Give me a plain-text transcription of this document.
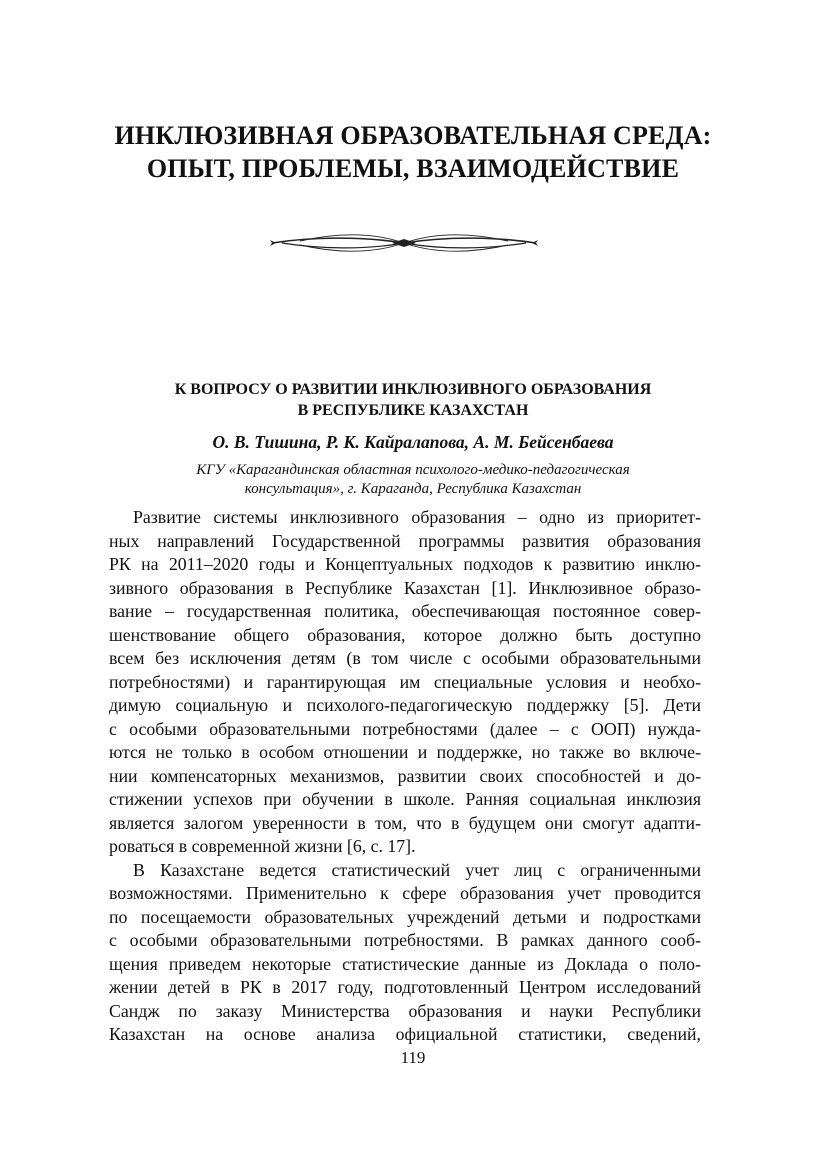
ИНКЛЮЗИВНАЯ ОБРАЗОВАТЕЛЬНАЯ СРЕДА:
ОПЫТ, ПРОБЛЕМЫ, ВЗАИМОДЕЙСТВИЕ
К ВОПРОСУ О РАЗВИТИИ ИНКЛЮЗИВНОГО ОБРАЗОВАНИЯ
В РЕСПУБЛИКЕ КАЗАХСТАН
О. В. Тишина, Р. К. Кайралапова, А. М. Бейсенбаева
КГУ «Карагандинская областная психолого-медико-педагогическая
консультация», г. Караганда, Республика Казахстан
Развитие системы инклюзивного образования – одно из приоритет-
ных направлений Государственной программы развития образования
РК на 2011–2020 годы и Концептуальных подходов к развитию инклю-
зивного образования в Республике Казахстан [1]. Инклюзивное образо-
вание – государственная политика, обеспечивающая постоянное совер-
шенствование общего образования, которое должно быть доступно
всем без исключения детям (в том числе с особыми образовательными
потребностями) и гарантирующая им специальные условия и необхо-
димую социальную и психолого-педагогическую поддержку [5]. Дети
с особыми образовательными потребностями (далее – с ООП) нужда-
ются не только в особом отношении и поддержке, но также во включе-
нии компенсаторных механизмов, развитии своих способностей и до-
стижении успехов при обучении в школе. Ранняя социальная инклюзия
является залогом уверенности в том, что в будущем они смогут адапти-
роваться в современной жизни [6, с. 17].
В Казахстане ведется статистический учет лиц с ограниченными
возможностями. Применительно к сфере образования учет проводится
по посещаемости образовательных учреждений детьми и подростками
с особыми образовательными потребностями. В рамках данного сооб-
щения приведем некоторые статистические данные из Доклада о поло-
жении детей в РК в 2017 году, подготовленный Центром исследований
Сандж по заказу Министерства образования и науки Республики
Казахстан на основе анализа официальной статистики, сведений,
119
